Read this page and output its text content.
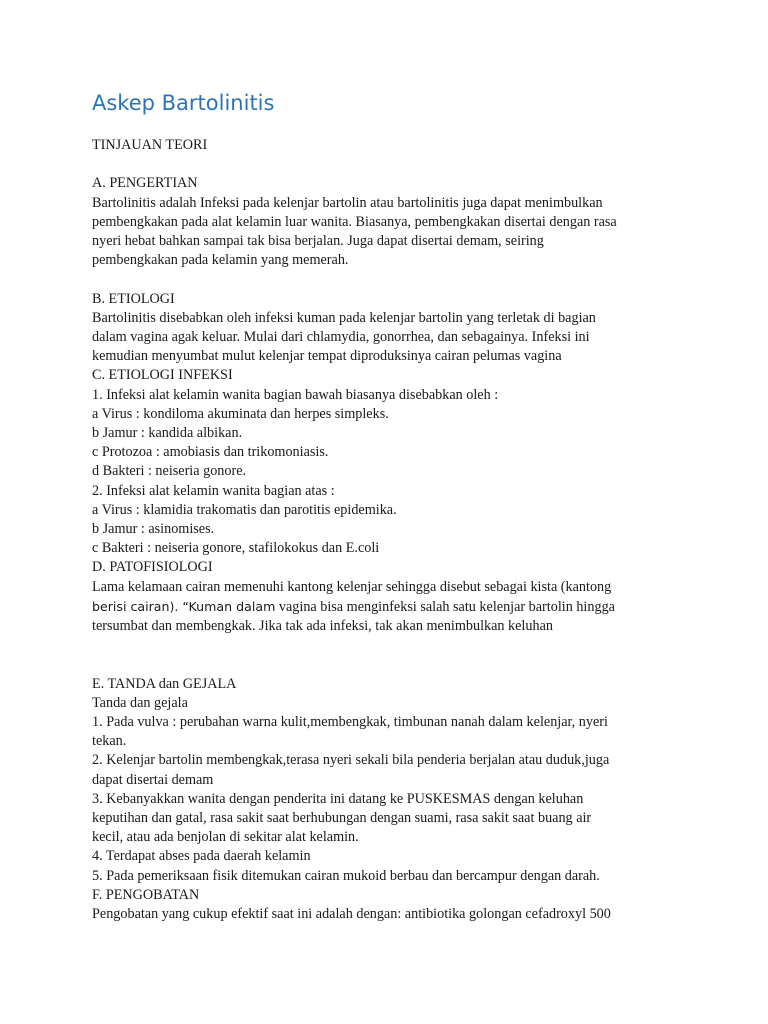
Askep Bartolinitis
TINJAUAN TEORI
A. PENGERTIAN
Bartolinitis adalah Infeksi pada kelenjar bartolin atau bartolinitis juga dapat menimbulkan
pembengkakan pada alat kelamin luar wanita. Biasanya, pembengkakan disertai dengan rasa
nyeri hebat bahkan sampai tak bisa berjalan. Juga dapat disertai demam, seiring
pembengkakan pada kelamin yang memerah.
B. ETIOLOGI
Bartolinitis disebabkan oleh infeksi kuman pada kelenjar bartolin yang terletak di bagian
dalam vagina agak keluar. Mulai dari chlamydia, gonorrhea, dan sebagainya. Infeksi ini
kemudian menyumbat mulut kelenjar tempat diproduksinya cairan pelumas vagina
C. ETIOLOGI INFEKSI
1. Infeksi alat kelamin wanita bagian bawah biasanya disebabkan oleh :
a Virus : kondiloma akuminata dan herpes simpleks.
b Jamur : kandida albikan.
c Protozoa : amobiasis dan trikomoniasis.
d Bakteri : neiseria gonore.
2. Infeksi alat kelamin wanita bagian atas :
a Virus : klamidia trakomatis dan parotitis epidemika.
b Jamur : asinomises.
c Bakteri : neiseria gonore, stafilokokus dan E.coli
D. PATOFISIOLOGI
Lama kelamaan cairan memenuhi kantong kelenjar sehingga disebut sebagai kista (kantong
berisi cairan). “Kuman dalam vagina bisa menginfeksi salah satu kelenjar bartolin hingga
tersumbat dan membengkak. Jika tak ada infeksi, tak akan menimbulkan keluhan
E. TANDA dan GEJALA
Tanda dan gejala
1. Pada vulva : perubahan warna kulit,membengkak, timbunan nanah dalam kelenjar, nyeri
tekan.
2. Kelenjar bartolin membengkak,terasa nyeri sekali bila penderia berjalan atau duduk,juga
dapat disertai demam
3. Kebanyakkan wanita dengan penderita ini datang ke PUSKESMAS dengan keluhan
keputihan dan gatal, rasa sakit saat berhubungan dengan suami, rasa sakit saat buang air
kecil, atau ada benjolan di sekitar alat kelamin.
4. Terdapat abses pada daerah kelamin
5. Pada pemeriksaan fisik ditemukan cairan mukoid berbau dan bercampur dengan darah.
F. PENGOBATAN
Pengobatan yang cukup efektif saat ini adalah dengan: antibiotika golongan cefadroxyl 500
